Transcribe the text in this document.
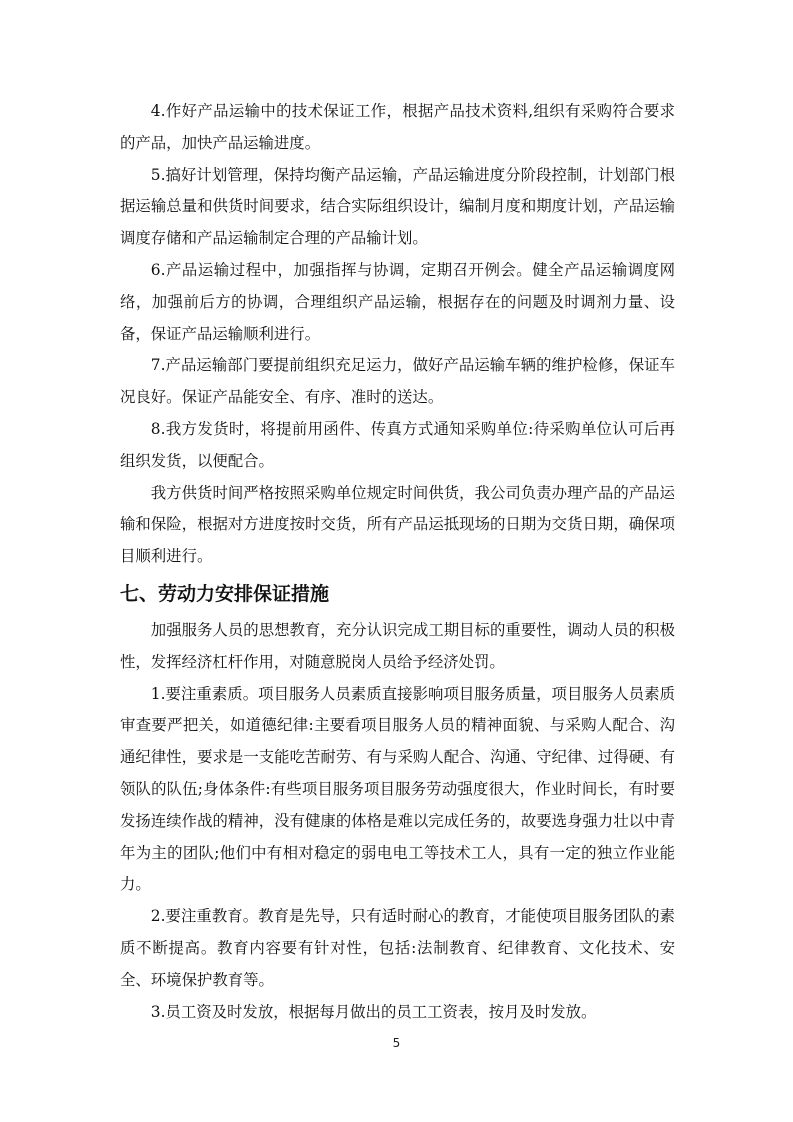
4.作好产品运输中的技术保证工作，根据产品技术资料,组织有采购符合要求的产品，加快产品运输进度。

5.搞好计划管理，保持均衡产品运输，产品运输进度分阶段控制，计划部门根据运输总量和供货时间要求，结合实际组织设计，编制月度和期度计划，产品运输调度存储和产品运输制定合理的产品输计划。

6.产品运输过程中，加强指挥与协调，定期召开例会。健全产品运输调度网络，加强前后方的协调，合理组织产品运输，根据存在的问题及时调剂力量、设备，保证产品运输顺利进行。

7.产品运输部门要提前组织充足运力，做好产品运输车辆的维护检修，保证车况良好。保证产品能安全、有序、准时的送达。

8.我方发货时，将提前用函件、传真方式通知采购单位:待采购单位认可后再组织发货，以便配合。

我方供货时间严格按照采购单位规定时间供货，我公司负责办理产品的产品运输和保险，根据对方进度按时交货，所有产品运抵现场的日期为交货日期，确保项目顺利进行。

七、劳动力安排保证措施

加强服务人员的思想教育，充分认识完成工期目标的重要性，调动人员的积极性，发挥经济杠杆作用，对随意脱岗人员给予经济处罚。

1.要注重素质。项目服务人员素质直接影响项目服务质量，项目服务人员素质审查要严把关，如道德纪律:主要看项目服务人员的精神面貌、与采购人配合、沟通纪律性，要求是一支能吃苦耐劳、有与采购人配合、沟通、守纪律、过得硬、有领队的队伍;身体条件:有些项目服务项目服务劳动强度很大，作业时间长，有时要发扬连续作战的精神，没有健康的体格是难以完成任务的，故要选身强力壮以中青年为主的团队;他们中有相对稳定的弱电电工等技术工人，具有一定的独立作业能力。

2.要注重教育。教育是先导，只有适时耐心的教育，才能使项目服务团队的素质不断提高。教育内容要有针对性，包括:法制教育、纪律教育、文化技术、安全、环境保护教育等。

3.员工资及时发放，根据每月做出的员工工资表，按月及时发放。

5
